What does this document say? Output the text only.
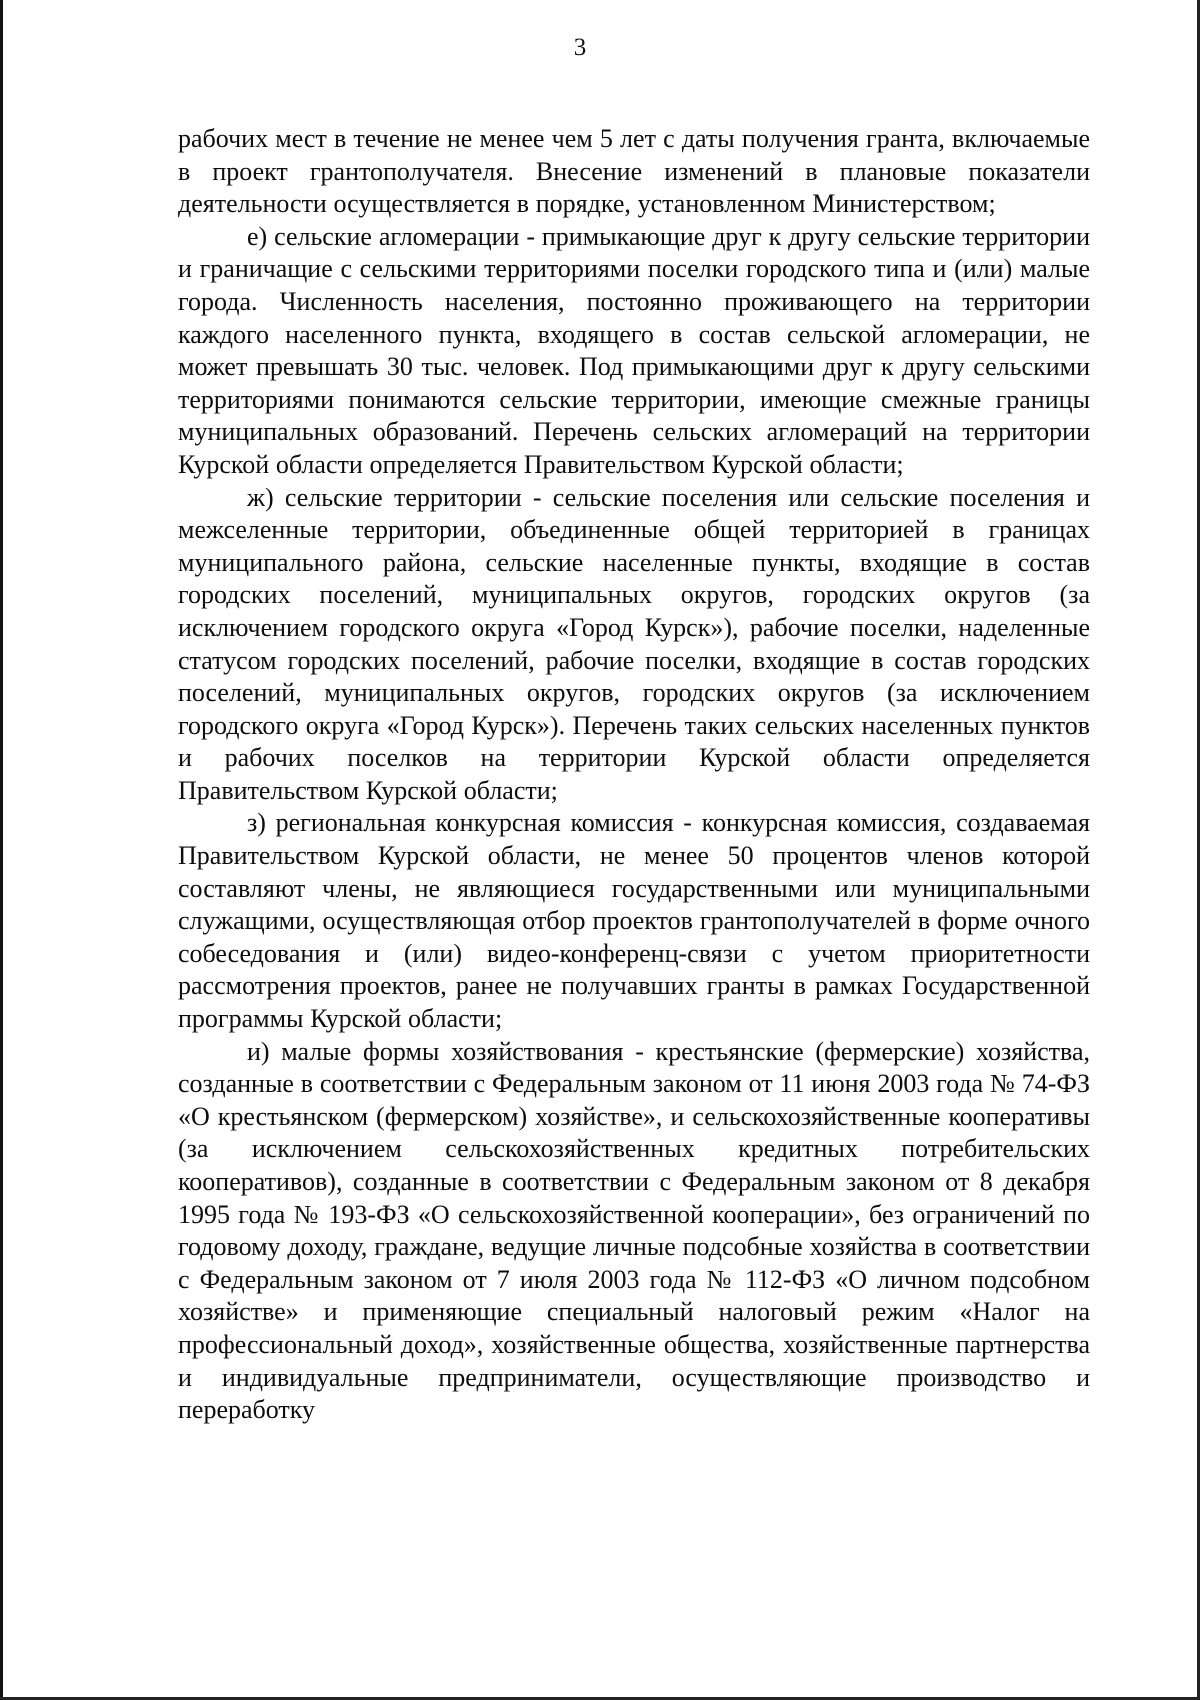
3

рабочих мест в течение не менее чем 5 лет с даты получения гранта, включаемые в проект грантополучателя. Внесение изменений в плановые показатели деятельности осуществляется в порядке, установленном Министерством;

е) сельские агломерации - примыкающие друг к другу сельские территории и граничащие с сельскими территориями поселки городского типа и (или) малые города. Численность населения, постоянно проживающего на территории каждого населенного пункта, входящего в состав сельской агломерации, не может превышать 30 тыс. человек. Под примыкающими друг к другу сельскими территориями понимаются сельские территории, имеющие смежные границы муниципальных образований. Перечень сельских агломераций на территории Курской области определяется Правительством Курской области;

ж) сельские территории - сельские поселения или сельские поселения и межселенные территории, объединенные общей территорией в границах муниципального района, сельские населенные пункты, входящие в состав городских поселений, муниципальных округов, городских округов (за исключением городского округа «Город Курск»), рабочие поселки, наделенные статусом городских поселений, рабочие поселки, входящие в состав городских поселений, муниципальных округов, городских округов (за исключением городского округа «Город Курск»). Перечень таких сельских населенных пунктов и рабочих поселков на территории Курской области определяется Правительством Курской области;

з) региональная конкурсная комиссия - конкурсная комиссия, создаваемая Правительством Курской области, не менее 50 процентов членов которой составляют члены, не являющиеся государственными или муниципальными служащими, осуществляющая отбор проектов грантополучателей в форме очного собеседования и (или) видео-конференц-связи с учетом приоритетности рассмотрения проектов, ранее не получавших гранты в рамках Государственной программы Курской области;

и) малые формы хозяйствования - крестьянские (фермерские) хозяйства, созданные в соответствии с Федеральным законом от 11 июня 2003 года № 74-ФЗ «О крестьянском (фермерском) хозяйстве», и сельскохозяйственные кооперативы (за исключением сельскохозяйственных кредитных потребительских кооперативов), созданные в соответствии с Федеральным законом от 8 декабря 1995 года № 193-ФЗ «О сельскохозяйственной кооперации», без ограничений по годовому доходу, граждане, ведущие личные подсобные хозяйства в соответствии с Федеральным законом от 7 июля 2003 года № 112-ФЗ «О личном подсобном хозяйстве» и применяющие специальный налоговый режим «Налог на профессиональный доход», хозяйственные общества, хозяйственные партнерства и индивидуальные предприниматели, осуществляющие производство и переработку
